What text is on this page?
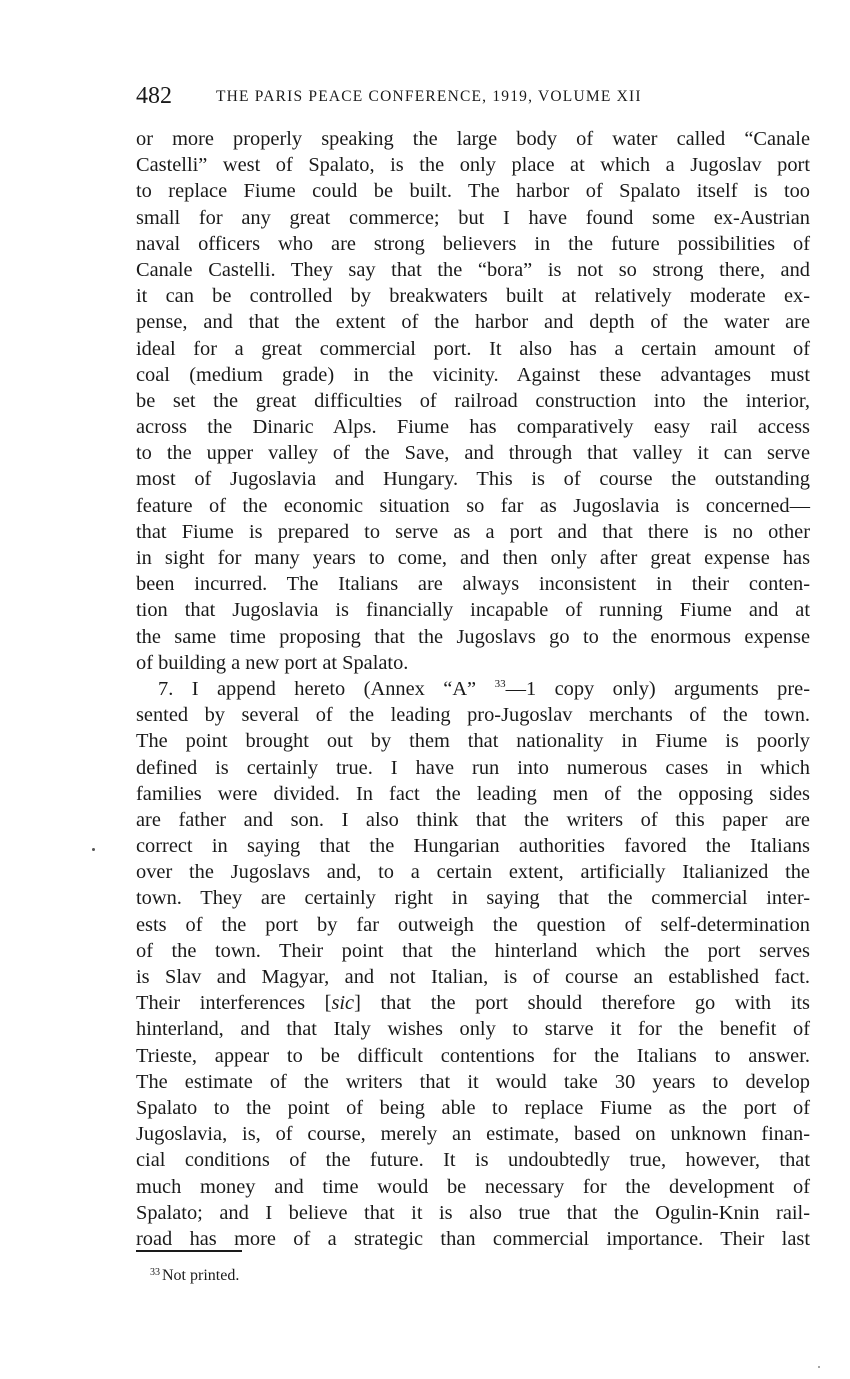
482	THE PARIS PEACE CONFERENCE, 1919, VOLUME XII
or more properly speaking the large body of water called “Canale
Castelli” west of Spalato, is the only place at which a Jugoslav port
to replace Fiume could be built. The harbor of Spalato itself is too
small for any great commerce; but I have found some ex-Austrian
naval officers who are strong believers in the future possibilities of
Canale Castelli. They say that the “bora” is not so strong there, and
it can be controlled by breakwaters built at relatively moderate ex-
pense, and that the extent of the harbor and depth of the water are
ideal for a great commercial port. It also has a certain amount of
coal (medium grade) in the vicinity. Against these advantages must
be set the great difficulties of railroad construction into the interior,
across the Dinaric Alps. Fiume has comparatively easy rail access
to the upper valley of the Save, and through that valley it can serve
most of Jugoslavia and Hungary. This is of course the outstanding
feature of the economic situation so far as Jugoslavia is concerned—
that Fiume is prepared to serve as a port and that there is no other
in sight for many years to come, and then only after great expense has
been incurred. The Italians are always inconsistent in their conten-
tion that Jugoslavia is financially incapable of running Fiume and at
the same time proposing that the Jugoslavs go to the enormous expense
of building a new port at Spalato.
7. I append hereto (Annex “A” $^{33}$—1 copy only) arguments pre-
sented by several of the leading pro-Jugoslav merchants of the town.
The point brought out by them that nationality in Fiume is poorly
defined is certainly true. I have run into numerous cases in which
families were divided. In fact the leading men of the opposing sides
are father and son. I also think that the writers of this paper are
correct in saying that the Hungarian authorities favored the Italians
over the Jugoslavs and, to a certain extent, artificially Italianized the
town. They are certainly right in saying that the commercial inter-
ests of the port by far outweigh the question of self-determination
of the town. Their point that the hinterland which the port serves
is Slav and Magyar, and not Italian, is of course an established fact.
Their interferences [sic] that the port should therefore go with its
hinterland, and that Italy wishes only to starve it for the benefit of
Trieste, appear to be difficult contentions for the Italians to answer.
The estimate of the writers that it would take 30 years to develop
Spalato to the point of being able to replace Fiume as the port of
Jugoslavia, is, of course, merely an estimate, based on unknown finan-
cial conditions of the future. It is undoubtedly true, however, that
much money and time would be necessary for the development of
Spalato; and I believe that it is also true that the Ogulin-Knin rail-
road has more of a strategic than commercial importance. Their last
$^{33}$ Not printed.
